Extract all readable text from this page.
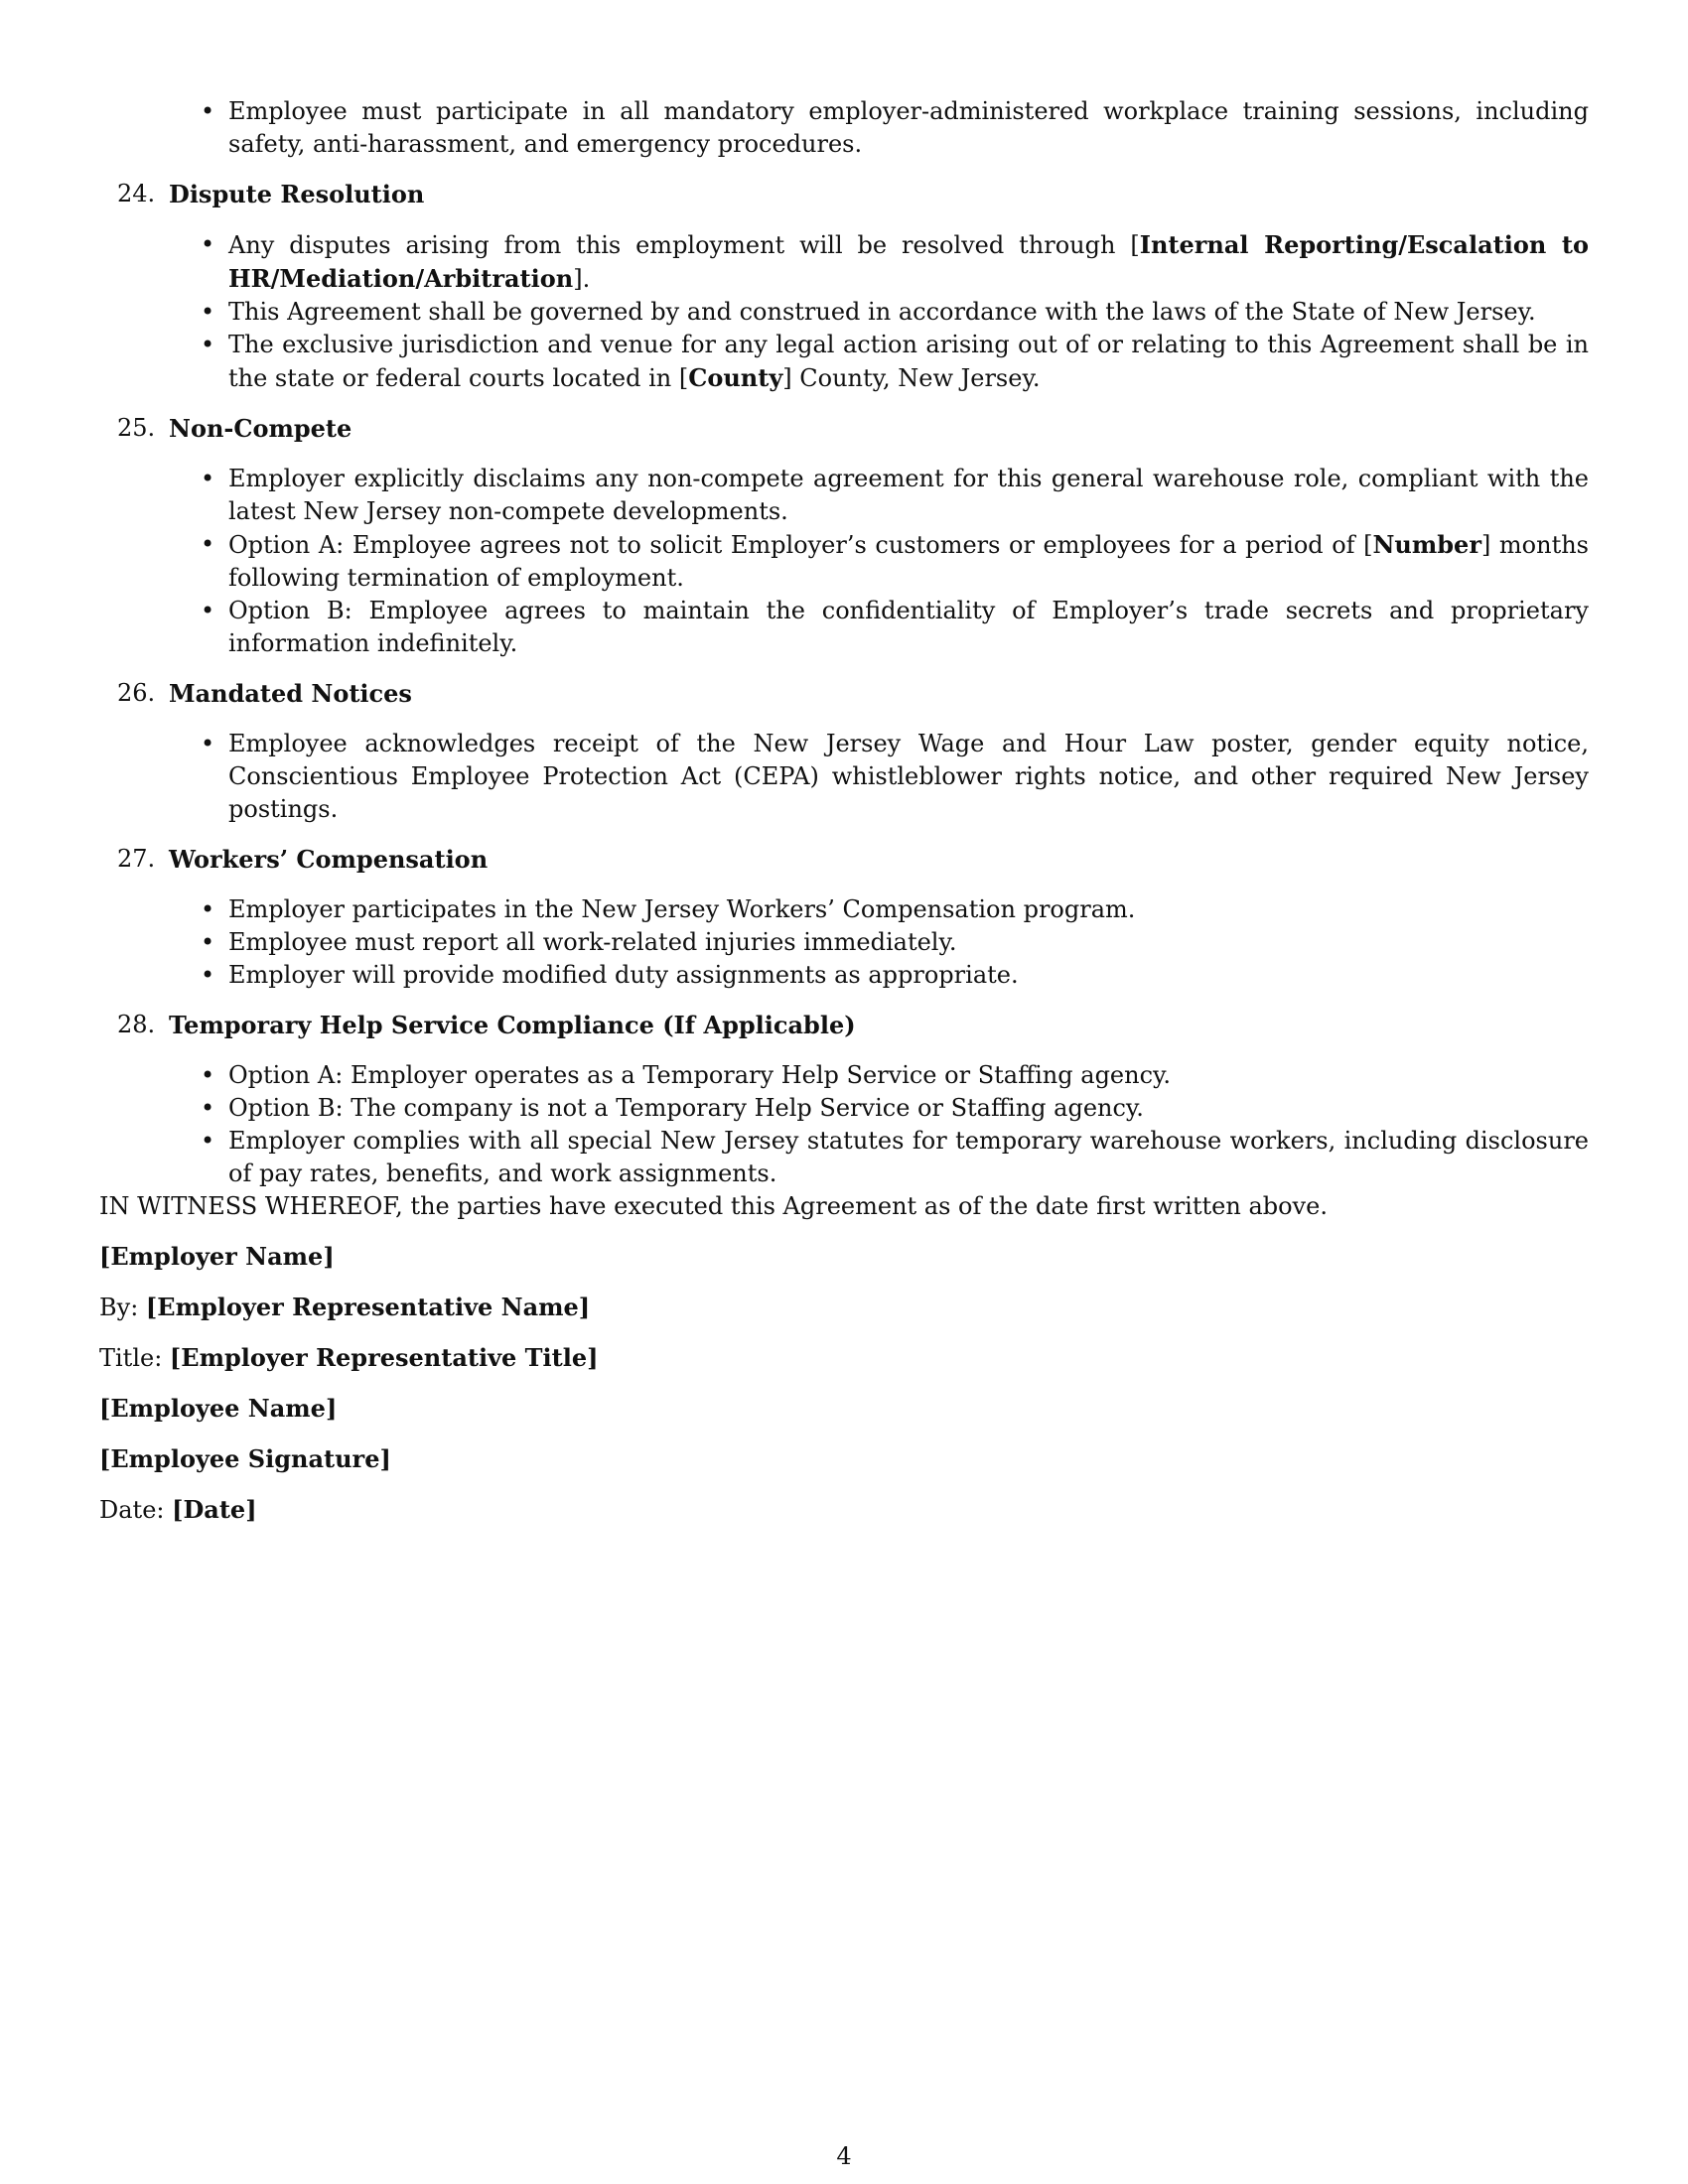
• Employee must participate in all mandatory employer-administered workplace training sessions, including safety, anti-harassment, and emergency procedures.
24. Dispute Resolution
• Any disputes arising from this employment will be resolved through [Internal Reporting/Escalation to HR/Mediation/Arbitration].
• This Agreement shall be governed by and construed in accordance with the laws of the State of New Jersey.
• The exclusive jurisdiction and venue for any legal action arising out of or relating to this Agreement shall be in the state or federal courts located in [County] County, New Jersey.
25. Non-Compete
• Employer explicitly disclaims any non-compete agreement for this general warehouse role, compliant with the latest New Jersey non-compete developments.
• Option A: Employee agrees not to solicit Employer’s customers or employees for a period of [Number] months following termination of employment.
• Option B: Employee agrees to maintain the confidentiality of Employer’s trade secrets and proprietary information indefinitely.
26. Mandated Notices
• Employee acknowledges receipt of the New Jersey Wage and Hour Law poster, gender equity notice, Conscientious Employee Protection Act (CEPA) whistleblower rights notice, and other required New Jersey postings.
27. Workers’ Compensation
• Employer participates in the New Jersey Workers’ Compensation program.
• Employee must report all work-related injuries immediately.
• Employer will provide modified duty assignments as appropriate.
28. Temporary Help Service Compliance (If Applicable)
• Option A: Employer operates as a Temporary Help Service or Staffing agency.
• Option B: The company is not a Temporary Help Service or Staffing agency.
• Employer complies with all special New Jersey statutes for temporary warehouse workers, including disclosure of pay rates, benefits, and work assignments.

IN WITNESS WHEREOF, the parties have executed this Agreement as of the date first written above.

[Employer Name]

By: [Employer Representative Name]

Title: [Employer Representative Title]

[Employee Name]

[Employee Signature]

Date: [Date]

4
